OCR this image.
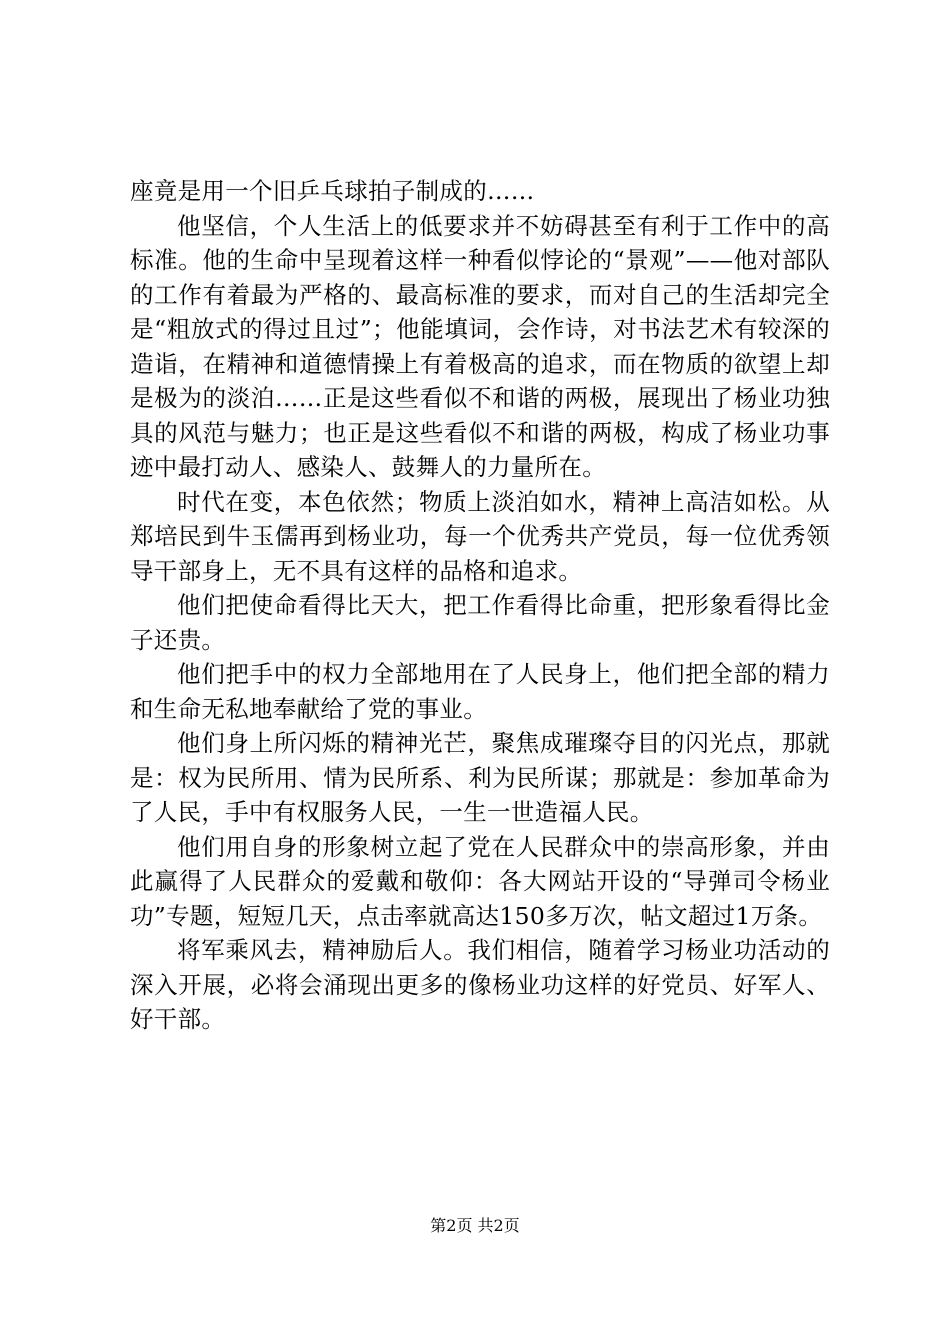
座竟是用一个旧乒乓球拍子制成的……

他坚信，个人生活上的低要求并不妨碍甚至有利于工作中的高标准。他的生命中呈现着这样一种看似悖论的“景观”——他对部队的工作有着最为严格的、最高标准的要求，而对自己的生活却完全是“粗放式的得过且过”；他能填词，会作诗，对书法艺术有较深的造诣，在精神和道德情操上有着极高的追求，而在物质的欲望上却是极为的淡泊……正是这些看似不和谐的两极，展现出了杨业功独具的风范与魅力；也正是这些看似不和谐的两极，构成了杨业功事迹中最打动人、感染人、鼓舞人的力量所在。

时代在变，本色依然；物质上淡泊如水，精神上高洁如松。从郑培民到牛玉儒再到杨业功，每一个优秀共产党员，每一位优秀领导干部身上，无不具有这样的品格和追求。

他们把使命看得比天大，把工作看得比命重，把形象看得比金子还贵。

他们把手中的权力全部地用在了人民身上，他们把全部的精力和生命无私地奉献给了党的事业。

他们身上所闪烁的精神光芒，聚焦成璀璨夺目的闪光点，那就是：权为民所用、情为民所系、利为民所谋；那就是：参加革命为了人民，手中有权服务人民，一生一世造福人民。

他们用自身的形象树立起了党在人民群众中的崇高形象，并由此赢得了人民群众的爱戴和敬仰：各大网站开设的“导弹司令杨业功”专题，短短几天，点击率就高达150多万次，帖文超过1万条。

将军乘风去，精神励后人。我们相信，随着学习杨业功活动的深入开展，必将会涌现出更多的像杨业功这样的好党员、好军人、好干部。

第2页 共2页
